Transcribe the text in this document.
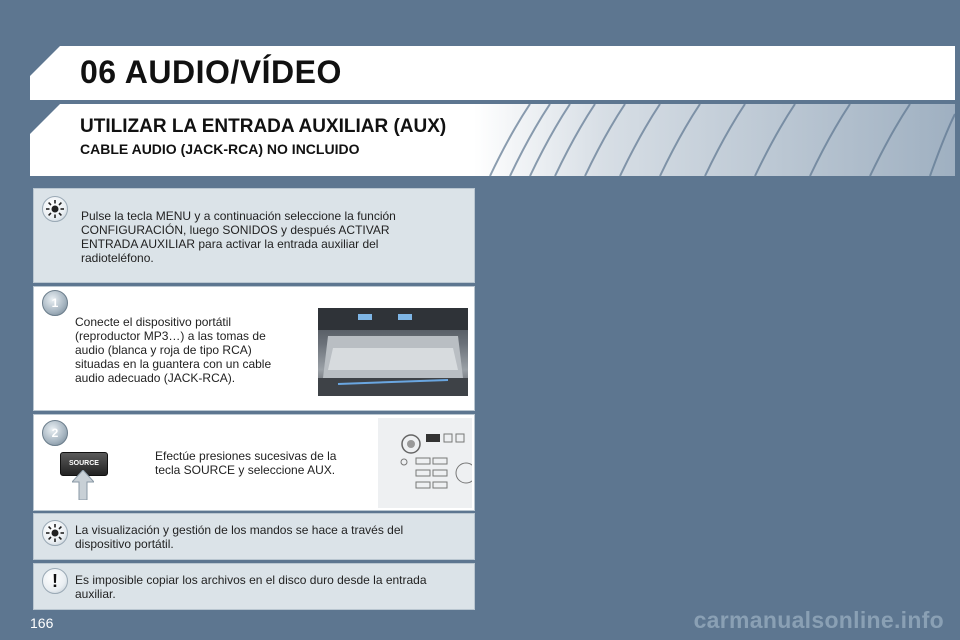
06 AUDIO/VÍDEO
UTILIZAR LA ENTRADA AUXILIAR (AUX)
CABLE AUDIO (JACK-RCA) NO INCLUIDO
Pulse la tecla MENU y a continuación seleccione la función CONFIGURACIÓN, luego SONIDOS y después ACTIVAR ENTRADA AUXILIAR para activar la entrada auxiliar del radioteléfono.
1
Conecte el dispositivo portátil (reproductor MP3…) a las tomas de audio (blanca y roja de tipo RCA) situadas en la guantera con un cable audio adecuado (JACK-RCA).
2
SOURCE
Efectúe presiones sucesivas de la tecla SOURCE y seleccione AUX.
La visualización y gestión de los mandos se hace a través del dispositivo portátil.
!	Es imposible copiar los archivos en el disco duro desde la entrada auxiliar.
166	carmanualsonline.info
